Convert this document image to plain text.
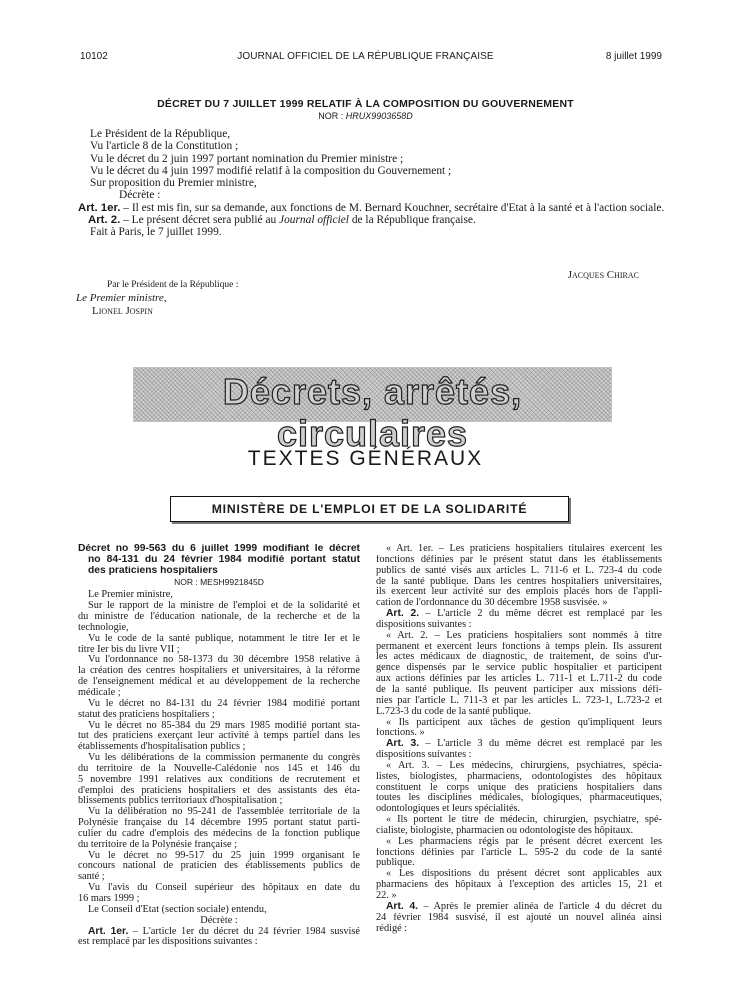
10102	JOURNAL OFFICIEL DE LA RÉPUBLIQUE FRANÇAISE	8 juillet 1999
DÉCRET DU 7 JUILLET 1999 RELATIF À LA COMPOSITION DU GOUVERNEMENT
NOR : HRUX9903658D
Le Président de la République,
Vu l'article 8 de la Constitution ;
Vu le décret du 2 juin 1997 portant nomination du Premier ministre ;
Vu le décret du 4 juin 1997 modifié relatif à la composition du Gouvernement ;
Sur proposition du Premier ministre,
Décrète :
Art. 1er. – Il est mis fin, sur sa demande, aux fonctions de M. Bernard Kouchner, secrétaire d'Etat à la santé et à l'action sociale.
Art. 2. – Le présent décret sera publié au Journal officiel de la République française.
Fait à Paris, le 7 juillet 1999.
Jacques Chirac
Par le Président de la République :
Le Premier ministre,
Lionel Jospin
Décrets, arrêtés, circulaires
TEXTES GÉNÉRAUX
MINISTÈRE DE L'EMPLOI ET DE LA SOLIDARITÉ
Décret no 99-563 du 6 juillet 1999 modifiant le décret
no 84-131 du 24 février 1984 modifié portant statut
des praticiens hospitaliers
NOR : MESH9921845D
Le Premier ministre,
Sur le rapport de la ministre de l'emploi et de la solidarité et
du ministre de l'éducation nationale, de la recherche et de la
technologie,
Vu le code de la santé publique, notamment le titre Ier et le
titre Ier bis du livre VII ;
Vu l'ordonnance no 58-1373 du 30 décembre 1958 relative à
la création des centres hospitaliers et universitaires, à la réforme
de l'enseignement médical et au développement de la recherche
médicale ;
Vu le décret no 84-131 du 24 février 1984 modifié portant
statut des praticiens hospitaliers ;
Vu le décret no 85-384 du 29 mars 1985 modifié portant sta-
tut des praticiens exerçant leur activité à temps partiel dans les
établissements d'hospitalisation publics ;
Vu les délibérations de la commission permanente du congrès
du territoire de la Nouvelle-Calédonie nos 145 et 146 du
5 novembre 1991 relatives aux conditions de recrutement et
d'emploi des praticiens hospitaliers et des assistants des éta-
blissements publics territoriaux d'hospitalisation ;
Vu la délibération no 95-241 de l'assemblée territoriale de la
Polynésie française du 14 décembre 1995 portant statut parti-
culier du cadre d'emplois des médecins de la fonction publique
du territoire de la Polynésie française ;
Vu le décret no 99-517 du 25 juin 1999 organisant le
concours national de praticien des établissements publics de
santé ;
Vu l'avis du Conseil supérieur des hôpitaux en date du
16 mars 1999 ;
Le Conseil d'Etat (section sociale) entendu,
Décrète :
Art. 1er. – L'article 1er du décret du 24 février 1984 susvisé
est remplacé par les dispositions suivantes :
« Art. 1er. – Les praticiens hospitaliers titulaires exercent les
fonctions définies par le présent statut dans les établissements
publics de santé visés aux articles L. 711-6 et L. 723-4 du code
de la santé publique. Dans les centres hospitaliers universitaires,
ils exercent leur activité sur des emplois placés hors de l'appli-
cation de l'ordonnance du 30 décembre 1958 susvisée. »
Art. 2. – L'article 2 du même décret est remplacé par les
dispositions suivantes :
« Art. 2. – Les praticiens hospitaliers sont nommés à titre
permanent et exercent leurs fonctions à temps plein. Ils assurent
les actes médicaux de diagnostic, de traitement, de soins d'ur-
gence dispensés par le service public hospitalier et participent
aux actions définies par les articles L. 711-1 et L.711-2 du code
de la santé publique. Ils peuvent participer aux missions défi-
nies par l'article L. 711-3 et par les articles L. 723-1, L.723-2 et
L.723-3 du code de la santé publique.
« Ils participent aux tâches de gestion qu'impliquent leurs
fonctions. »
Art. 3. – L'article 3 du même décret est remplacé par les
dispositions suivantes :
« Art. 3. – Les médecins, chirurgiens, psychiatres, spécia-
listes, biologistes, pharmaciens, odontologistes des hôpitaux
constituent le corps unique des praticiens hospitaliers dans
toutes les disciplines médicales, biologiques, pharmaceutiques,
odontologiques et leurs spécialités.
« Ils portent le titre de médecin, chirurgien, psychiatre, spé-
cialiste, biologiste, pharmacien ou odontologiste des hôpitaux.
« Les pharmaciens régis par le présent décret exercent les
fonctions définies par l'article L. 595-2 du code de la santé
publique.
« Les dispositions du présent décret sont applicables aux
pharmaciens des hôpitaux à l'exception des articles 15, 21 et
22. »
Art. 4. – Après le premier alinéa de l'article 4 du décret du
24 février 1984 susvisé, il est ajouté un nouvel alinéa ainsi
rédigé :
